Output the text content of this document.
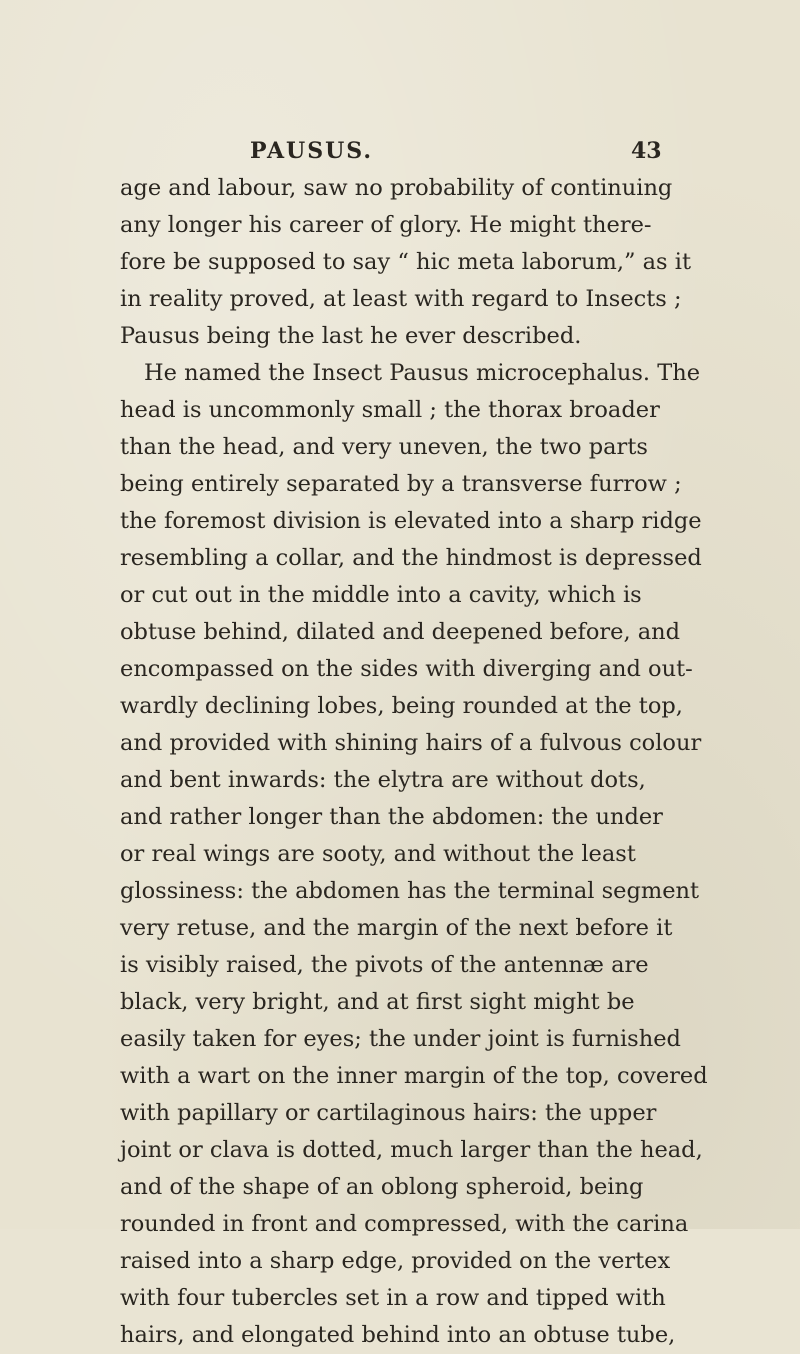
PAUSUS.	43
age and labour, saw no probability of continuing
any longer his career of glory. He might there-
fore be supposed to say “ hic meta laborum,” as it
in reality proved, at least with regard to Insects ;
Pausus being the last he ever described.
He named the Insect Pausus microcephalus. The
head is uncommonly small ; the thorax broader
than the head, and very uneven, the two parts
being entirely separated by a transverse furrow ;
the foremost division is elevated into a sharp ridge
resembling a collar, and the hindmost is depressed
or cut out in the middle into a cavity, which is
obtuse behind, dilated and deepened before, and
encompassed on the sides with diverging and out-
wardly declining lobes, being rounded at the top,
and provided with shining hairs of a fulvous colour
and bent inwards: the elytra are without dots,
and rather longer than the abdomen: the under
or real wings are sooty, and without the least
glossiness: the abdomen has the terminal segment
very retuse, and the margin of the next before it
is visibly raised, the pivots of the antennæ are
black, very bright, and at first sight might be
easily taken for eyes; the under joint is furnished
with a wart on the inner margin of the top, covered
with papillary or cartilaginous hairs: the upper
joint or clava is dotted, much larger than the head,
and of the shape of an oblong spheroid, being
rounded in front and compressed, with the carina
raised into a sharp edge, provided on the vertex
with four tubercles set in a row and tipped with
hairs, and elongated behind into an obtuse tube,
